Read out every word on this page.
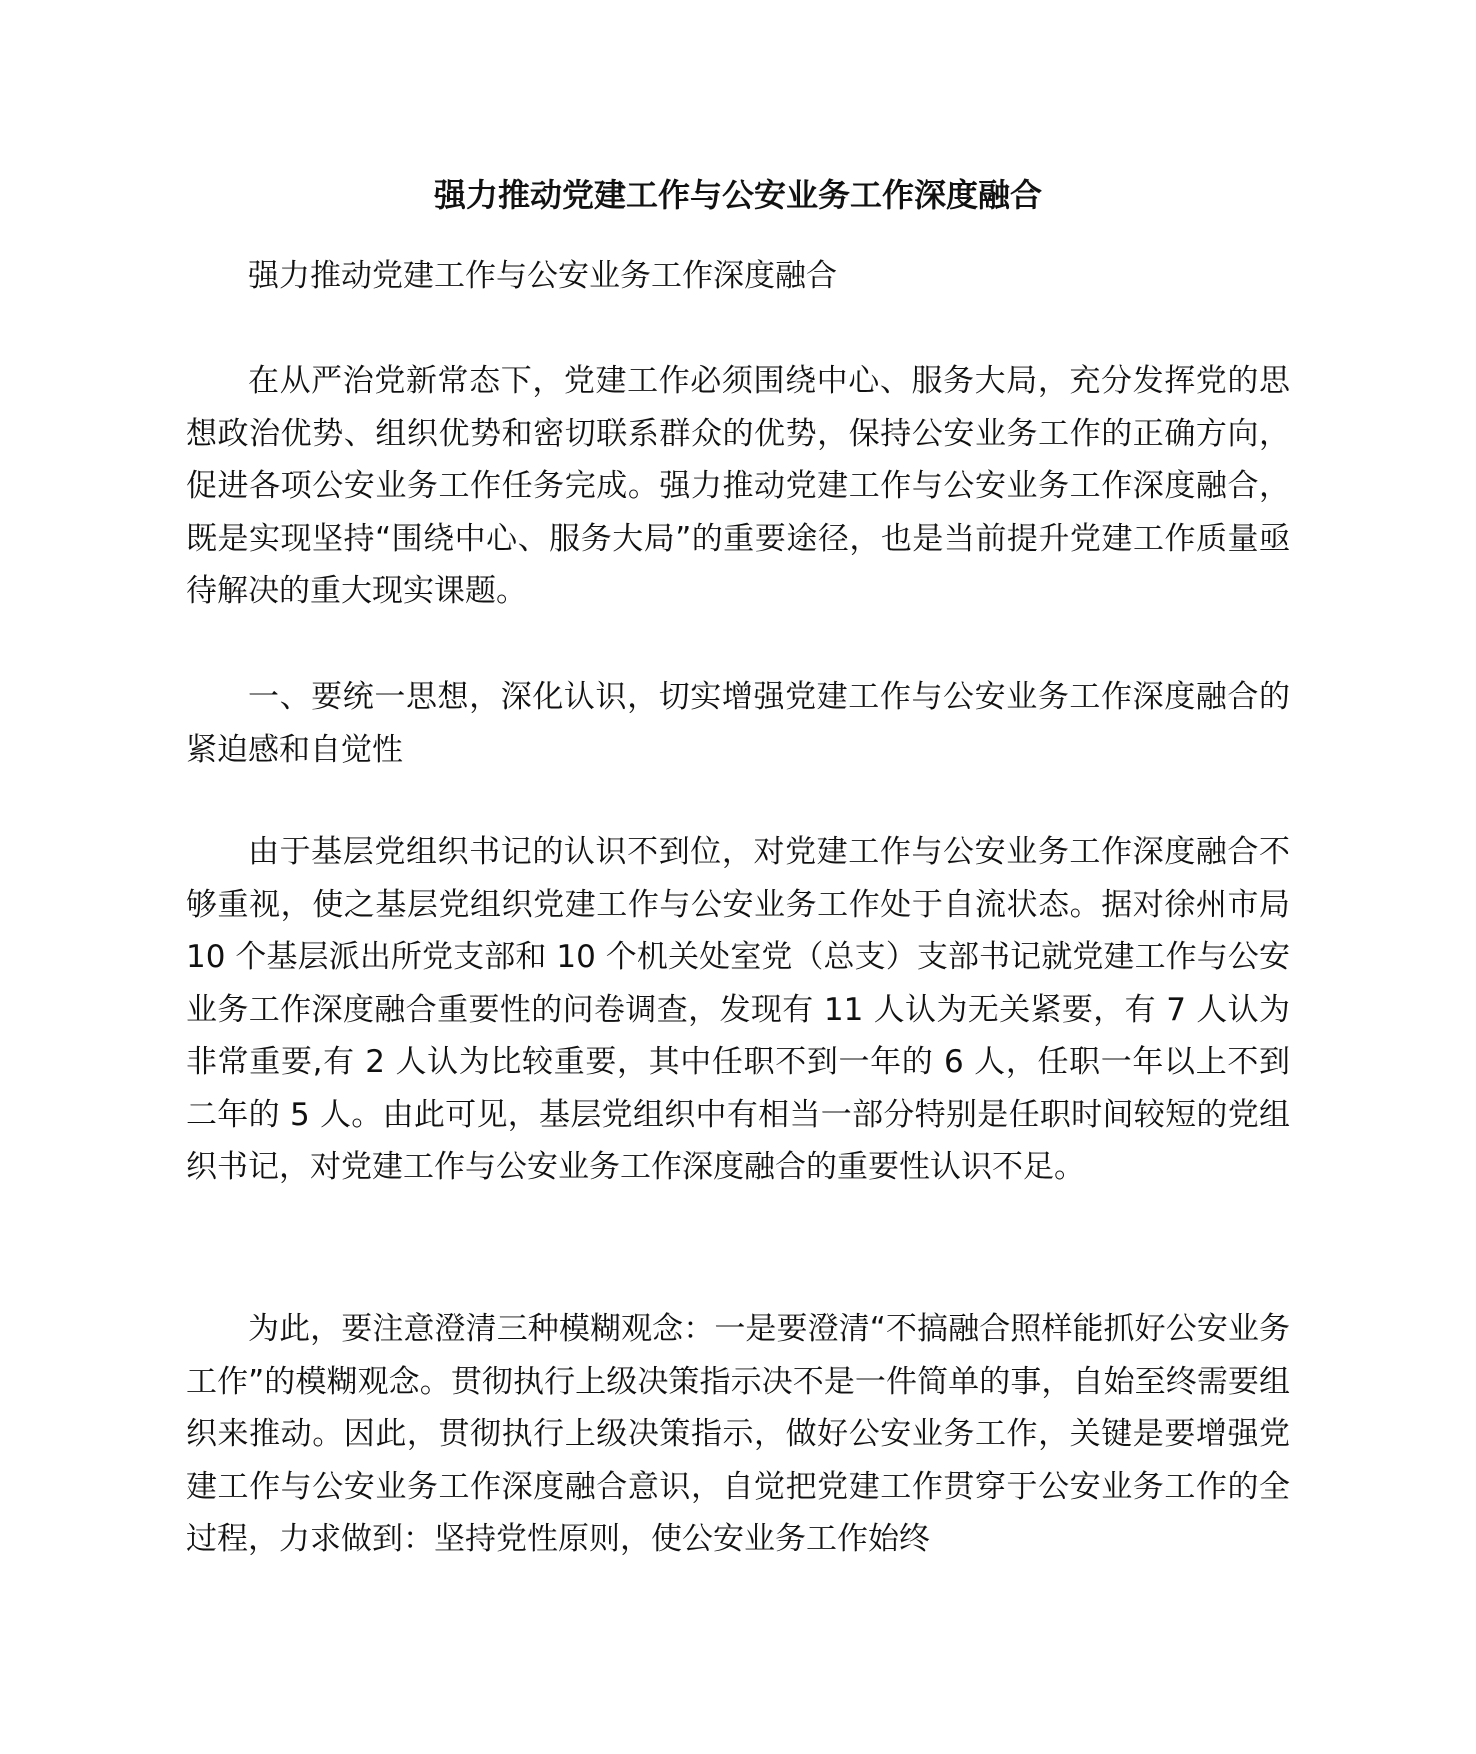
强力推动党建工作与公安业务工作深度融合

强力推动党建工作与公安业务工作深度融合

在从严治党新常态下，党建工作必须围绕中心、服务大局，充分发挥党的思想政治优势、组织优势和密切联系群众的优势，保持公安业务工作的正确方向，促进各项公安业务工作任务完成。强力推动党建工作与公安业务工作深度融合，既是实现坚持“围绕中心、服务大局”的重要途径，也是当前提升党建工作质量亟待解决的重大现实课题。

一、要统一思想，深化认识，切实增强党建工作与公安业务工作深度融合的紧迫感和自觉性

由于基层党组织书记的认识不到位，对党建工作与公安业务工作深度融合不够重视，使之基层党组织党建工作与公安业务工作处于自流状态。据对徐州市局 10 个基层派出所党支部和 10 个机关处室党（总支）支部书记就党建工作与公安业务工作深度融合重要性的问卷调查，发现有 11 人认为无关紧要，有 7 人认为非常重要,有 2 人认为比较重要，其中任职不到一年的 6 人，任职一年以上不到二年的 5 人。由此可见，基层党组织中有相当一部分特别是任职时间较短的党组织书记，对党建工作与公安业务工作深度融合的重要性认识不足。

为此，要注意澄清三种模糊观念：一是要澄清“不搞融合照样能抓好公安业务工作”的模糊观念。贯彻执行上级决策指示决不是一件简单的事，自始至终需要组织来推动。因此，贯彻执行上级决策指示，做好公安业务工作，关键是要增强党建工作与公安业务工作深度融合意识，自觉把党建工作贯穿于公安业务工作的全过程，力求做到：坚持党性原则，使公安业务工作始终
